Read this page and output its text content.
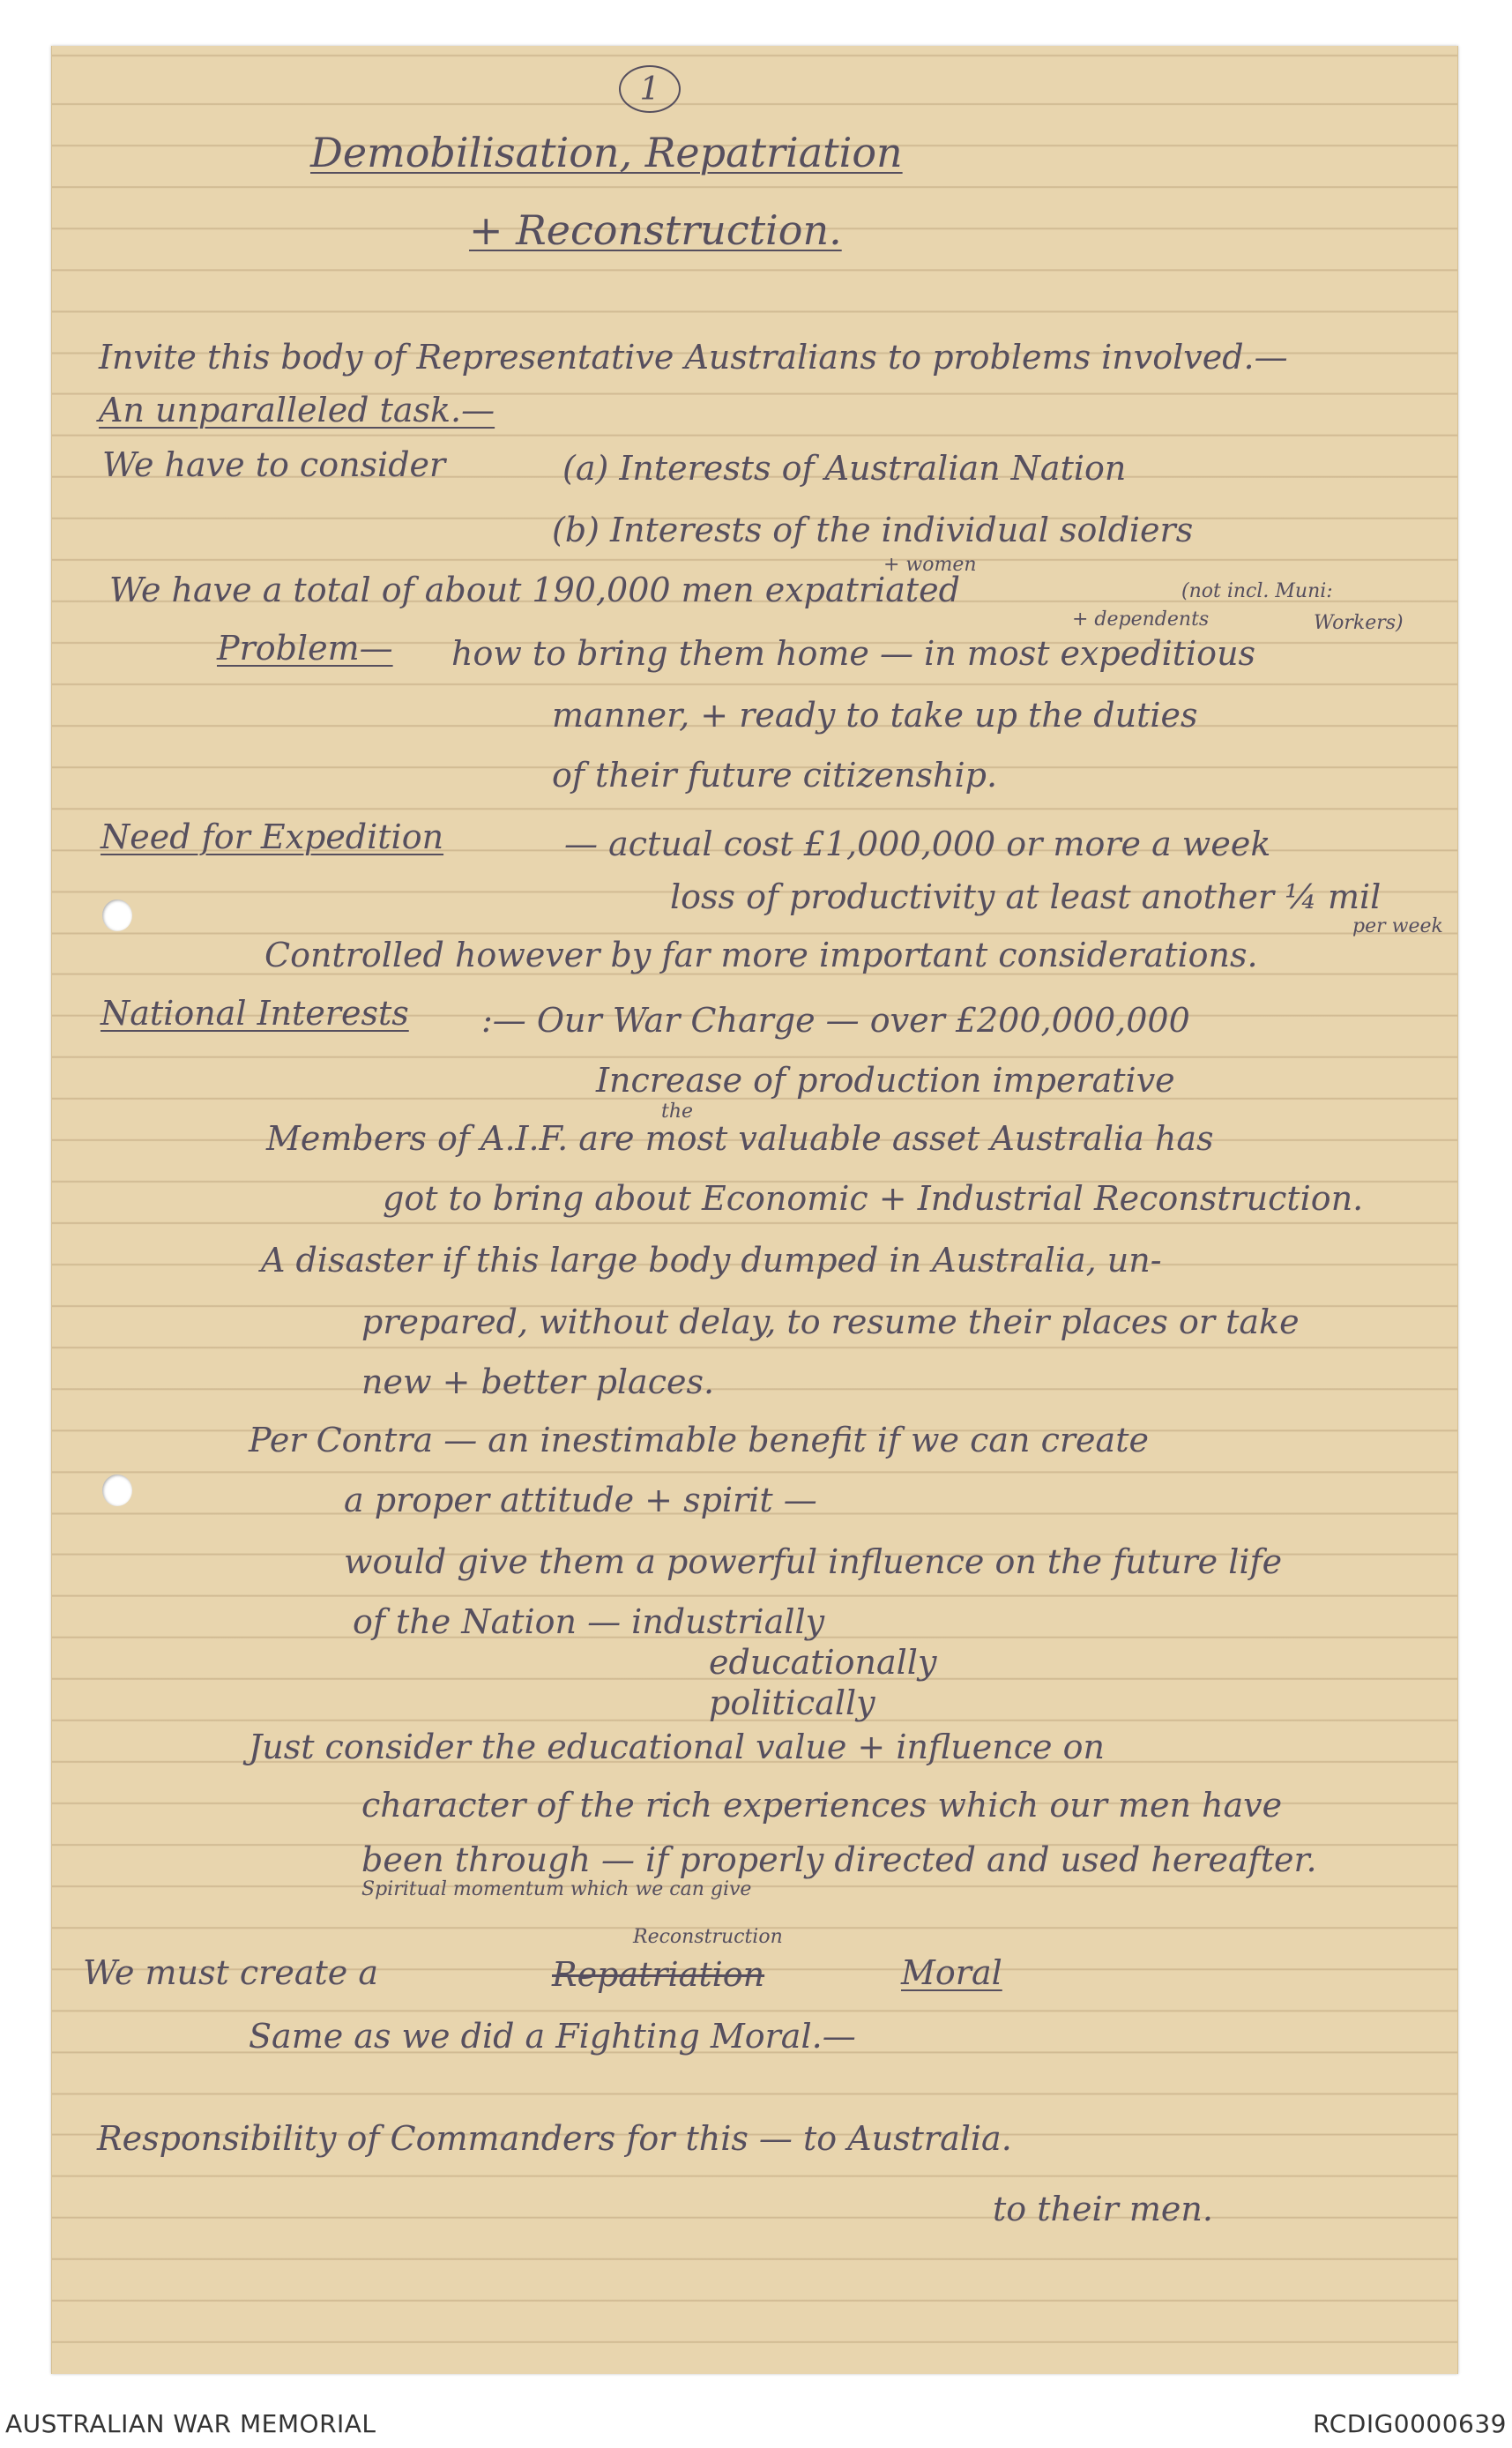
1
Demobilisation, Repatriation
+ Reconstruction.
Invite this body of Representative Australians to problems involved.—
An unparalleled task.—
We have to consider	(a) Interests of Australian Nation
(b) Interests of the individual soldiers
+ women
We have a total of about 190,000 men expatriated	(not incl. Muni:
+ dependents	Workers)
Problem— how to bring them home — in most expeditious
manner, + ready to take up the duties
of their future citizenship.
Need for Expedition	— actual cost £1,000,000 or more a week
loss of productivity at least another ¼ mil
per week
Controlled however by far more important considerations.
National Interests :— Our War Charge — over £200,000,000
Increase of production imperative
the
Members of A.I.F. are most valuable asset Australia has
got to bring about Economic + Industrial Reconstruction.
A disaster if this large body dumped in Australia, un-
prepared, without delay, to resume their places or take
new + better places.
Per Contra — an inestimable benefit if we can create
a proper attitude + spirit —
would give them a powerful influence on the future life
of the Nation — industrially
educationally
politically
Just consider the educational value + influence on
character of the rich experiences which our men have
been through — if properly directed and used hereafter.
Spiritual momentum which we can give
Reconstruction
We must create a	Repatriation	Moral
Same as we did a Fighting Moral.—
Responsibility of Commanders for this — to Australia.
to their men.
AUSTRALIAN WAR MEMORIAL	RCDIG0000639
